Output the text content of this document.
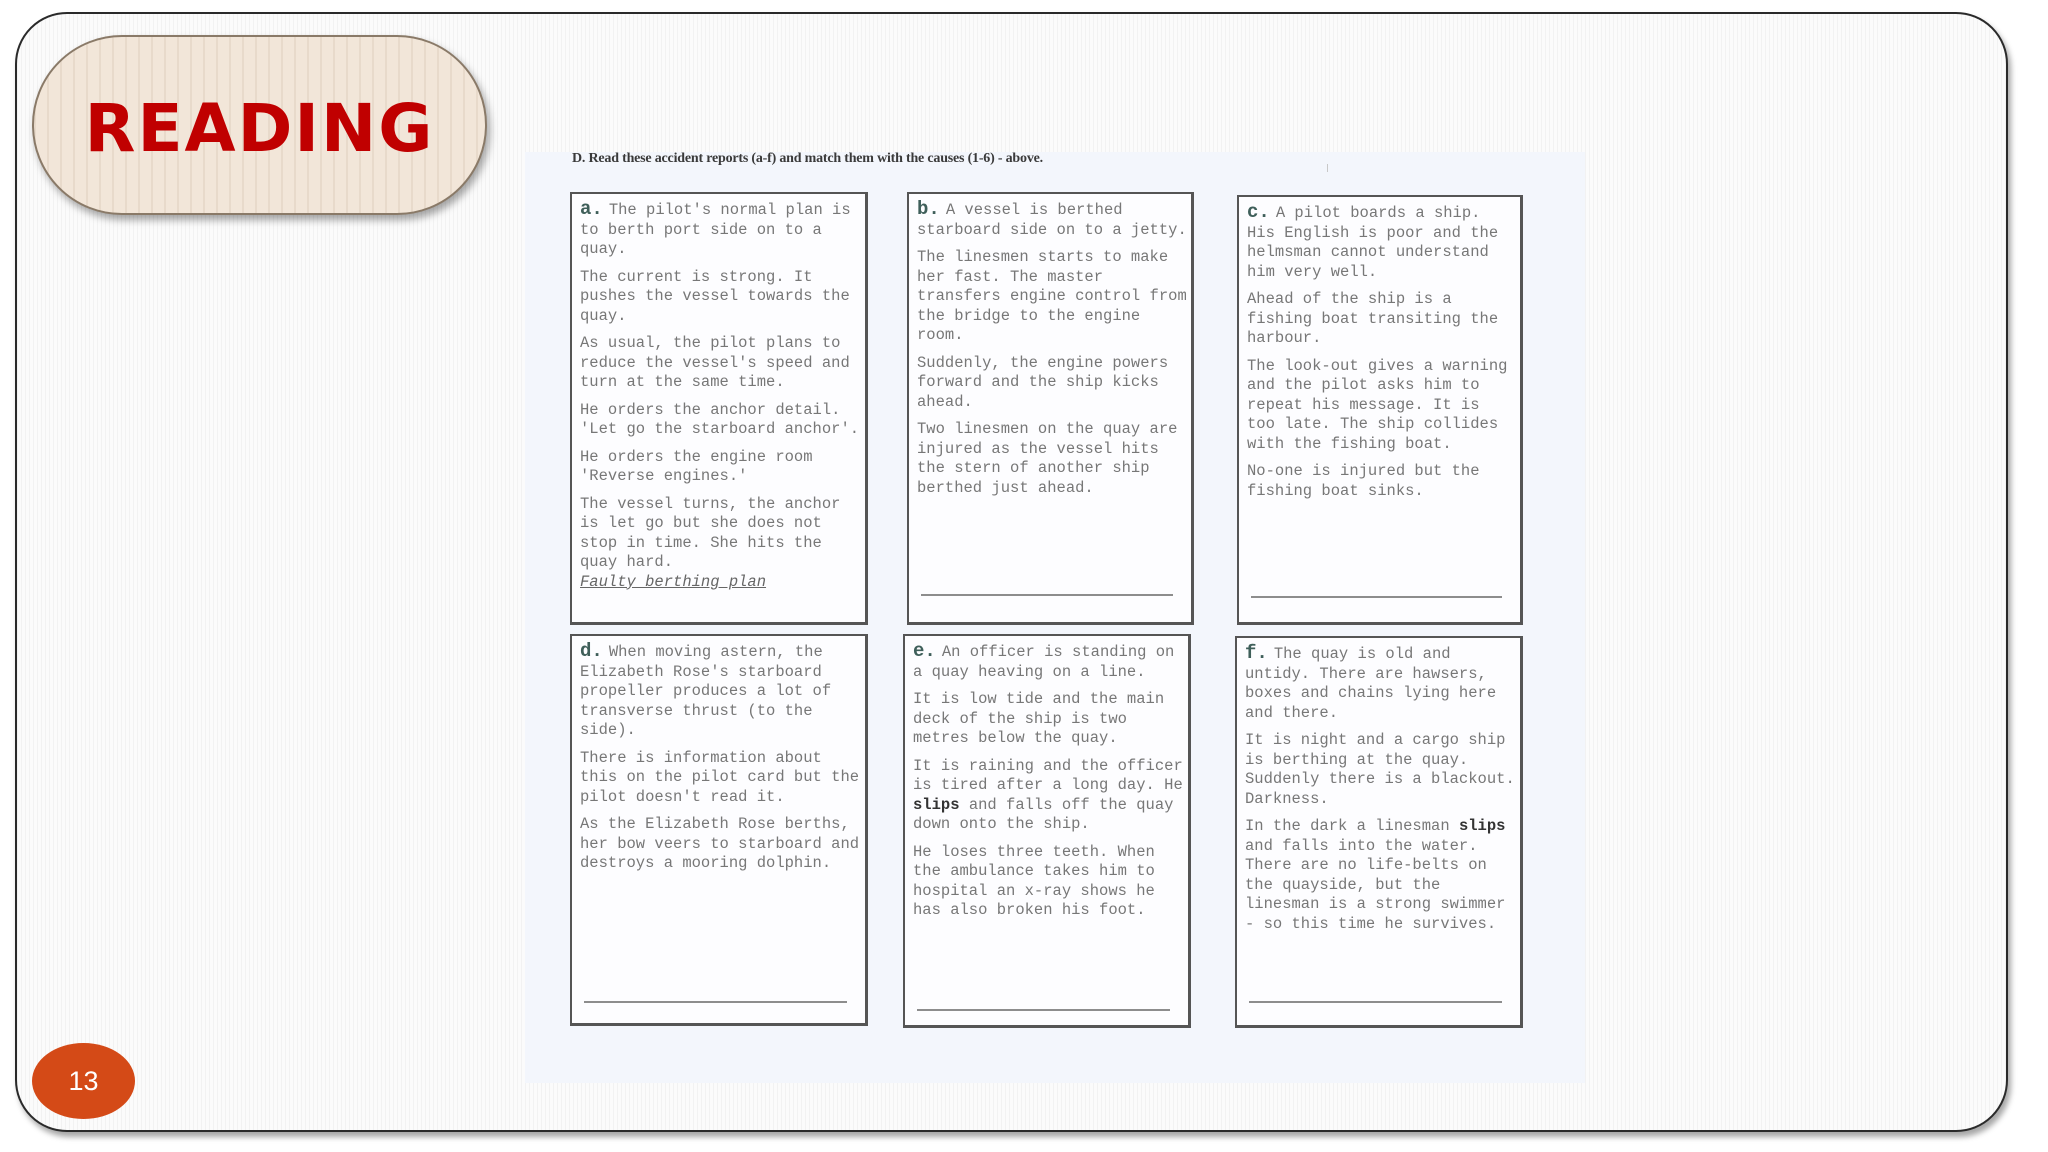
READING	D. Read these accident reports (a-f) and match them with the causes (1-6) - above.

a. The pilot's normal plan is to berth port side on to a quay.

The current is strong. It pushes the vessel towards the quay.

As usual, the pilot plans to reduce the vessel's speed and turn at the same time.

He orders the anchor detail. 'Let go the starboard anchor'.

He orders the engine room 'Reverse engines.'

The vessel turns, the anchor is let go but she does not stop in time. She hits the quay hard.

Faulty berthing plan

b. A vessel is berthed starboard side on to a jetty.

The linesmen starts to make her fast. The master transfers engine control from the bridge to the engine room.

Suddenly, the engine powers forward and the ship kicks ahead.

Two linesmen on the quay are injured as the vessel hits the stern of another ship berthed just ahead.

c. A pilot boards a ship. His English is poor and the helmsman cannot understand him very well.

Ahead of the ship is a fishing boat transiting the harbour.

The look-out gives a warning and the pilot asks him to repeat his message. It is too late. The ship collides with the fishing boat.

No-one is injured but the fishing boat sinks.

d. When moving astern, the Elizabeth Rose's starboard propeller produces a lot of transverse thrust (to the side).

There is information about this on the pilot card but the pilot doesn't read it.

As the Elizabeth Rose berths, her bow veers to starboard and destroys a mooring dolphin.

e. An officer is standing on a quay heaving on a line.

It is low tide and the main deck of the ship is two metres below the quay.

It is raining and the officer is tired after a long day. He slips and falls off the quay down onto the ship.

He loses three teeth. When the ambulance takes him to hospital an x-ray shows he has also broken his foot.

f. The quay is old and untidy. There are hawsers, boxes and chains lying here and there.

It is night and a cargo ship is berthing at the quay. Suddenly there is a blackout. Darkness.

In the dark a linesman slips and falls into the water. There are no life-belts on the quayside, but the linesman is a strong swimmer - so this time he survives.

13
